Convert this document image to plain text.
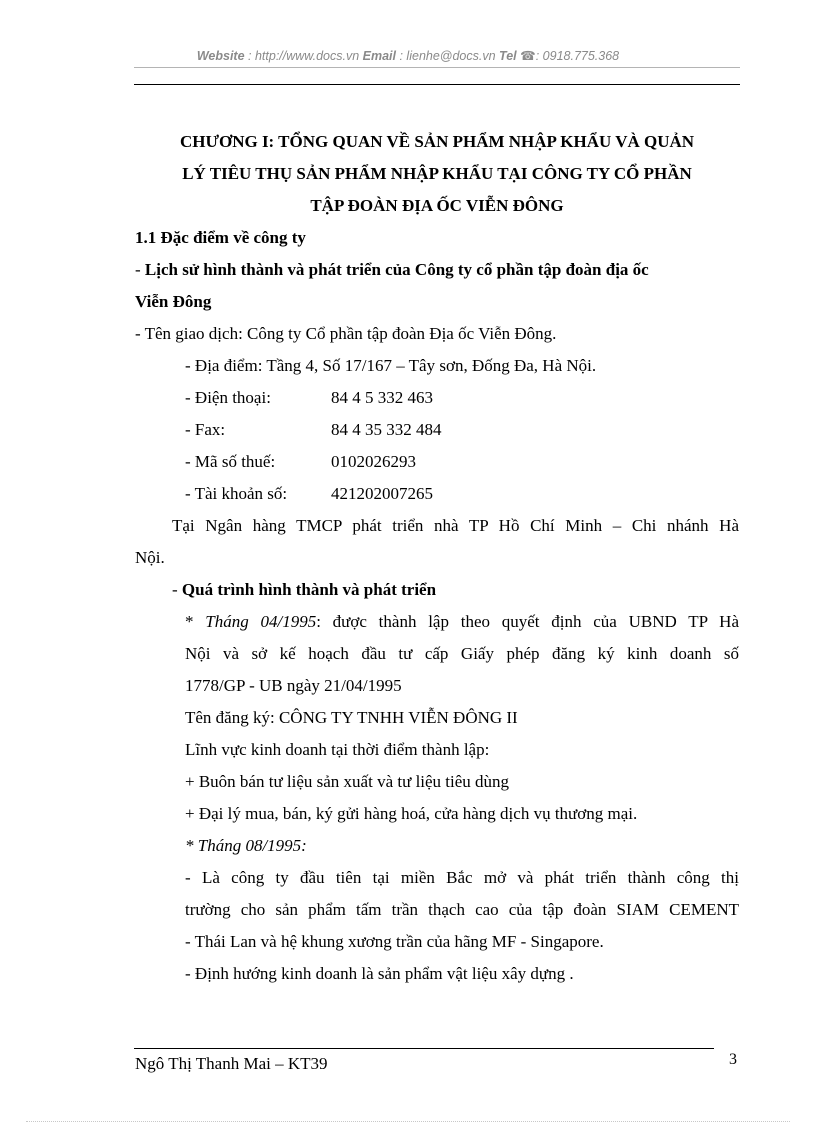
Website : http://www.docs.vn Email : lienhe@docs.vn Tel ☎: 0918.775.368
CHƯƠNG I: TỔNG QUAN VỀ SẢN PHẨM NHẬP KHẨU VÀ QUẢN
LÝ TIÊU THỤ SẢN PHẨM NHẬP KHẨU TẠI CÔNG TY CỔ PHẦN
TẬP ĐOÀN ĐỊA ỐC VIỄN ĐÔNG

1.1 Đặc điểm về công ty

- Lịch sử hình thành và phát triển của Công ty cổ phần tập đoàn địa ốc

Viễn Đông

- Tên giao dịch: Công ty Cổ phần tập đoàn Địa ốc Viễn Đông.

- Địa điểm: Tầng 4, Số 17/167 – Tây sơn, Đống Đa, Hà Nội.

- Điện thoại:	84 4 5 332 463
- Fax:	84 4 35 332 484
- Mã số thuế:	0102026293
- Tài khoản số:	421202007265

Tại Ngân hàng TMCP phát triển nhà TP Hồ Chí Minh – Chi nhánh Hà

Nội.

- Quá trình hình thành và phát triển

* Tháng 04/1995: được thành lập theo quyết định của UBND TP Hà

Nội và sở kế hoạch đầu tư cấp Giấy phép đăng ký kinh doanh số

1778/GP - UB ngày 21/04/1995

Tên đăng ký: CÔNG TY TNHH VIỄN ĐÔNG II

Lĩnh vực kinh doanh tại thời điểm thành lập:

+ Buôn bán tư liệu sản xuất và tư liệu tiêu dùng

+ Đại lý mua, bán, ký gửi hàng hoá, cửa hàng dịch vụ thương mại.

* Tháng 08/1995:

- Là công ty đầu tiên tại miền Bắc mở và phát triển thành công thị

trường cho sản phẩm tấm trần thạch cao của tập đoàn SIAM CEMENT

- Thái Lan và hệ khung xương trần của hãng MF - Singapore.

- Định hướng kinh doanh là sản phẩm vật liệu xây dựng .

Ngô Thị Thanh Mai – KT39	3
